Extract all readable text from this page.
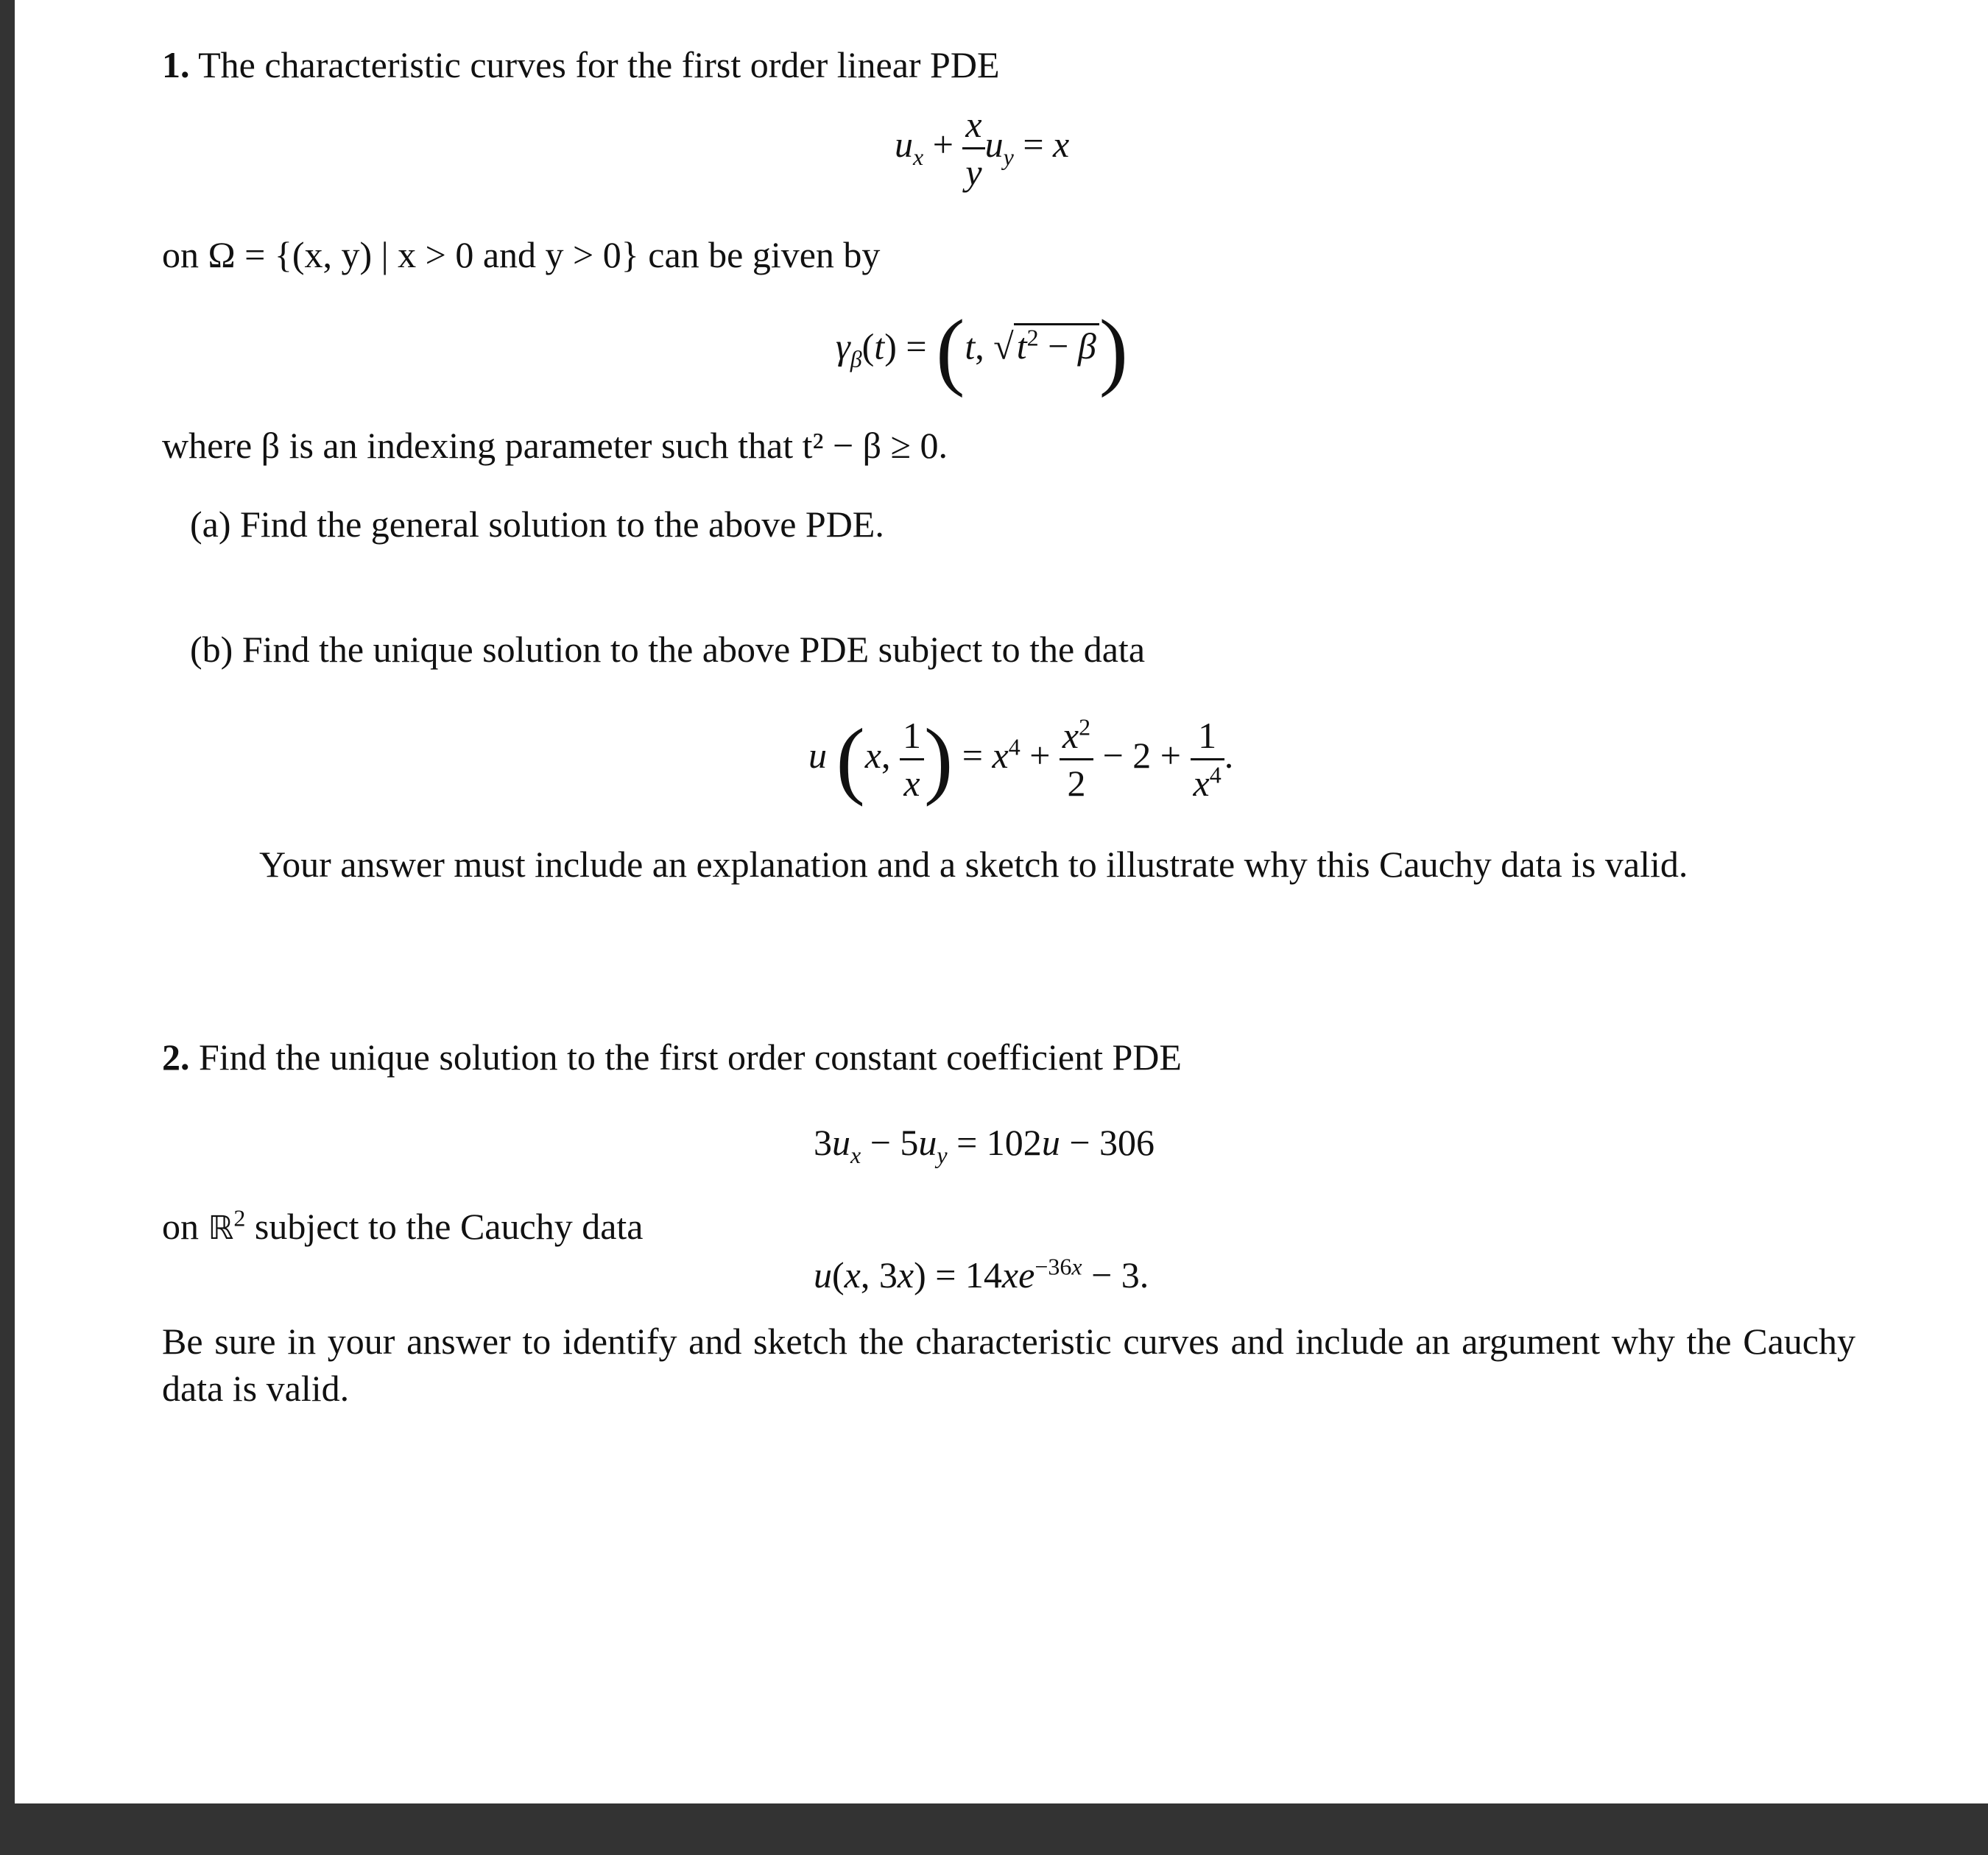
1. The characteristic curves for the first order linear PDE
$u_x + \frac{x}{y} u_y = x$
on Ω = {(x, y) | x > 0 and y > 0} can be given by
$\gamma_\beta(t) = (t$, $√t^2 - \beta$)
where β is an indexing parameter such that t² − β ≥ 0.
(a) Find the general solution to the above PDE.
(b) Find the unique solution to the above PDE subject to the data
u (x, $\frac{1}{x}$ ) = $x^4 + \frac{x^2}{2} - 2 + \frac{1}{x^4}$ .
Your answer must include an explanation and a sketch to illustrate why this Cauchy data is valid.
2. Find the unique solution to the first order constant coefficient PDE
$3u_x - 5u_y = 102u - 306$
on ℝ$^2$ subject to the Cauchy data
u(x, $3x) = 14xe^{-36x} - 3$.
Be sure in your answer to identify and sketch the characteristic curves and include an argument why the Cauchy data is valid.
